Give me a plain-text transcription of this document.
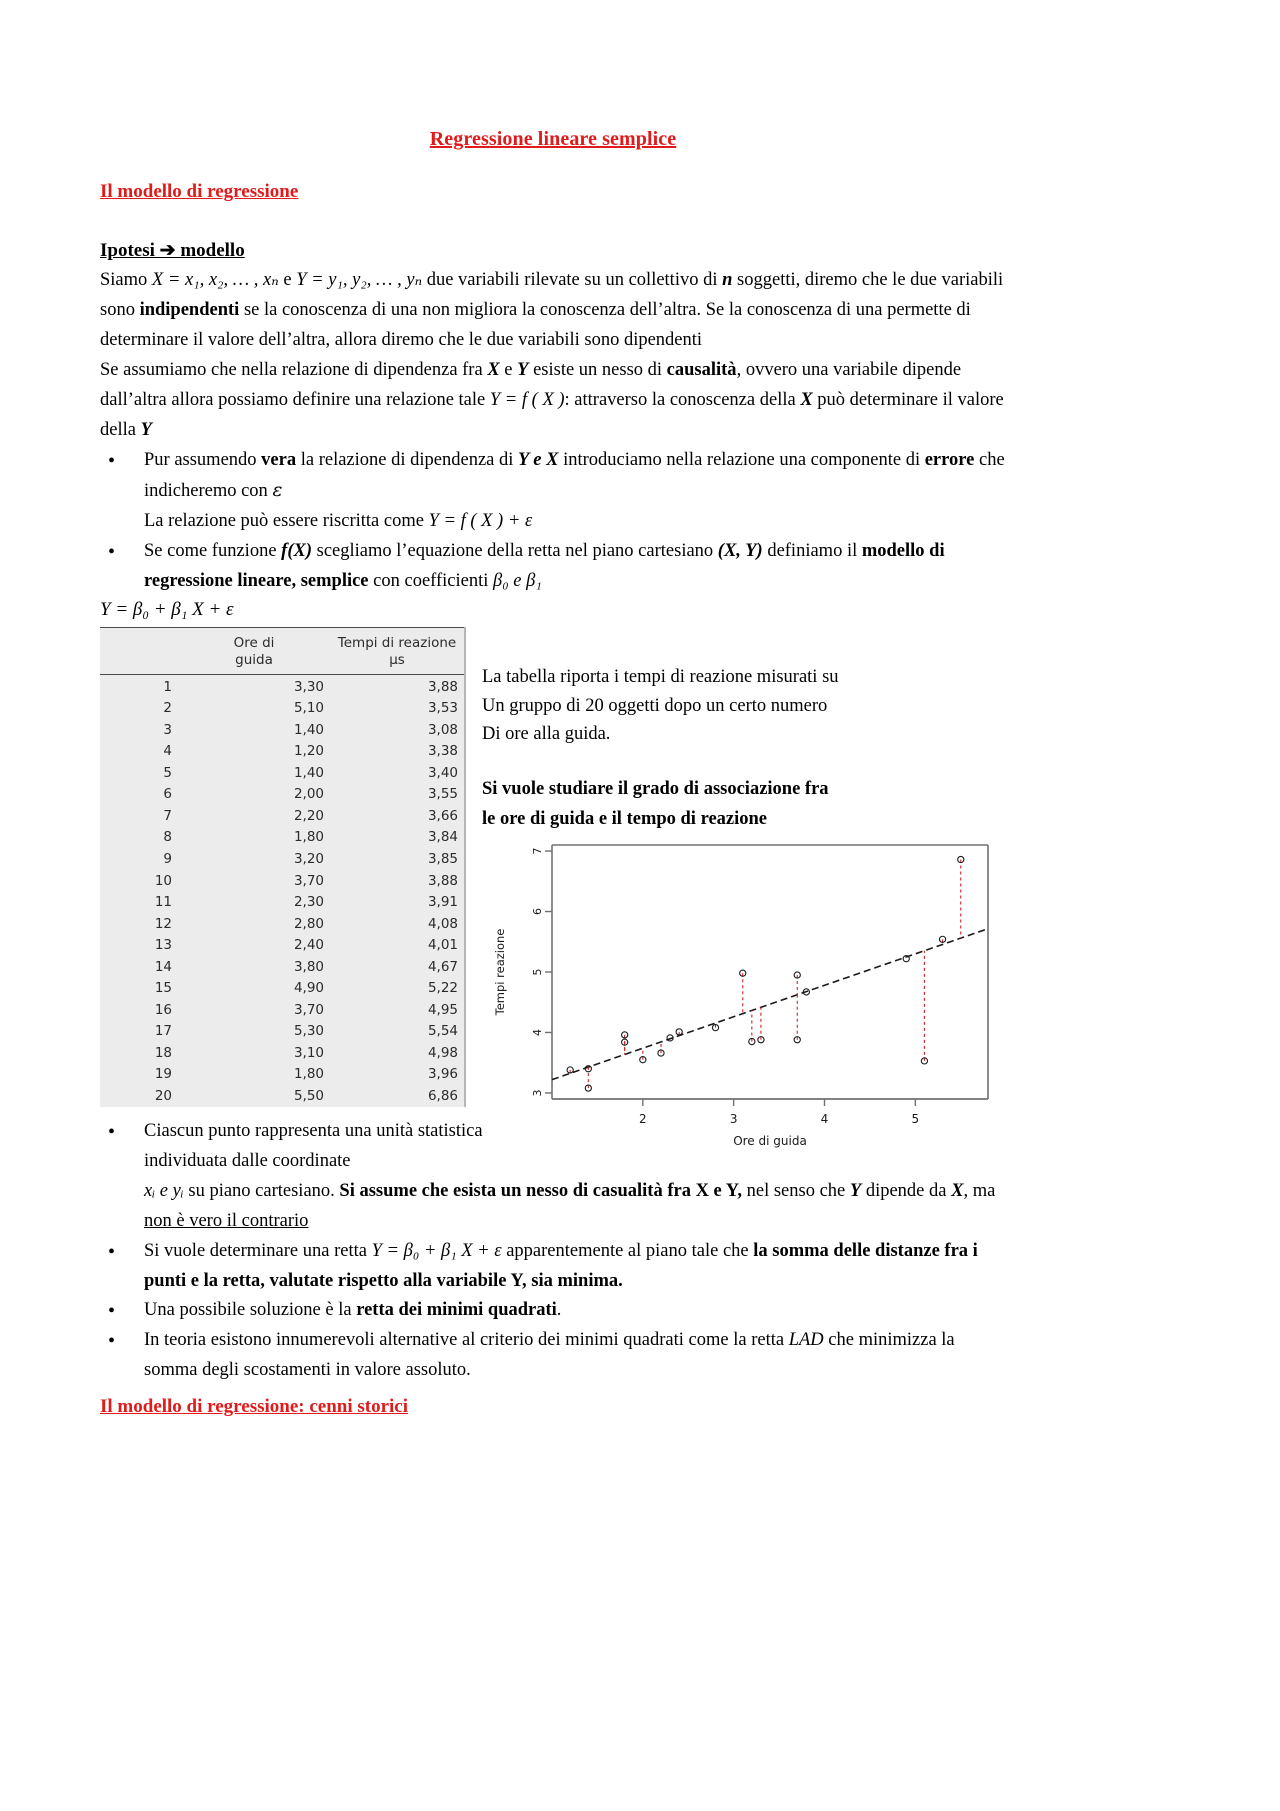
Regressione lineare semplice
Il modello di regressione
Ipotesi ➔ modello

Siamo X = x₁, x₂, … , xₙ e Y = y₁, y₂, … , yₙ due variabili rilevate su un collettivo di n soggetti, diremo che le due variabili sono indipendenti se la conoscenza di una non migliora la conoscenza dell’altra. Se la conoscenza di una permette di determinare il valore dell’altra, allora diremo che le due variabili sono dipendenti

Se assumiamo che nella relazione di dipendenza fra X e Y esiste un nesso di causalità, ovvero una variabile dipende dall’altra allora possiamo definire una relazione tale Y = f ( X ): attraverso la conoscenza della X può determinare il valore della Y

• Pur assumendo vera la relazione di dipendenza di Y e X introduciamo nella relazione una componente di errore che indicheremo con ε
La relazione può essere riscritta come Y = f ( X ) + ε
• Se come funzione f(X) scegliamo l’equazione della retta nel piano cartesiano (X, Y) definiamo il modello di regressione lineare, semplice con coefficienti β₀ e β₁
Y = β₀ + β₁ X + ε

	Ore di
guida	Tempi di reazione
µs

1	3,30	3,88
2	5,10	3,53
3	1,40	3,08
4	1,20	3,38
5	1,40	3,40
6	2,00	3,55
7	2,20	3,66
8	1,80	3,84
9	3,20	3,85
10	3,70	3,88
11	2,30	3,91
12	2,80	4,08
13	2,40	4,01
14	3,80	4,67
15	4,90	5,22
16	3,70	4,95
17	5,30	5,54
18	3,10	4,98
19	1,80	3,96
20	5,50	6,86

La tabella riporta i tempi di reazione misurati su

Un gruppo di 20 oggetti dopo un certo numero

Di ore alla guida.

Si vuole studiare il grado di associazione fra

le ore di guida e il tempo di reazione

3
4
5
6
7
2	3	4	5
Tempi reazione
Ore di guida
• Ciascun punto rappresenta una unità statistica individuata dalle coordinate
xᵢ e yᵢ su piano cartesiano. Si assume che esista un nesso di casualità fra X e Y, nel senso che Y dipende da X, ma non è vero il contrario
• Si vuole determinare una retta Y = β₀ + β₁ X + ε apparentemente al piano tale che la somma delle distanze fra i punti e la retta, valutate rispetto alla variabile Y, sia minima.
• Una possibile soluzione è la retta dei minimi quadrati.
• In teoria esistono innumerevoli alternative al criterio dei minimi quadrati come la retta LAD che minimizza la somma degli scostamenti in valore assoluto.
Il modello di regressione: cenni storici
